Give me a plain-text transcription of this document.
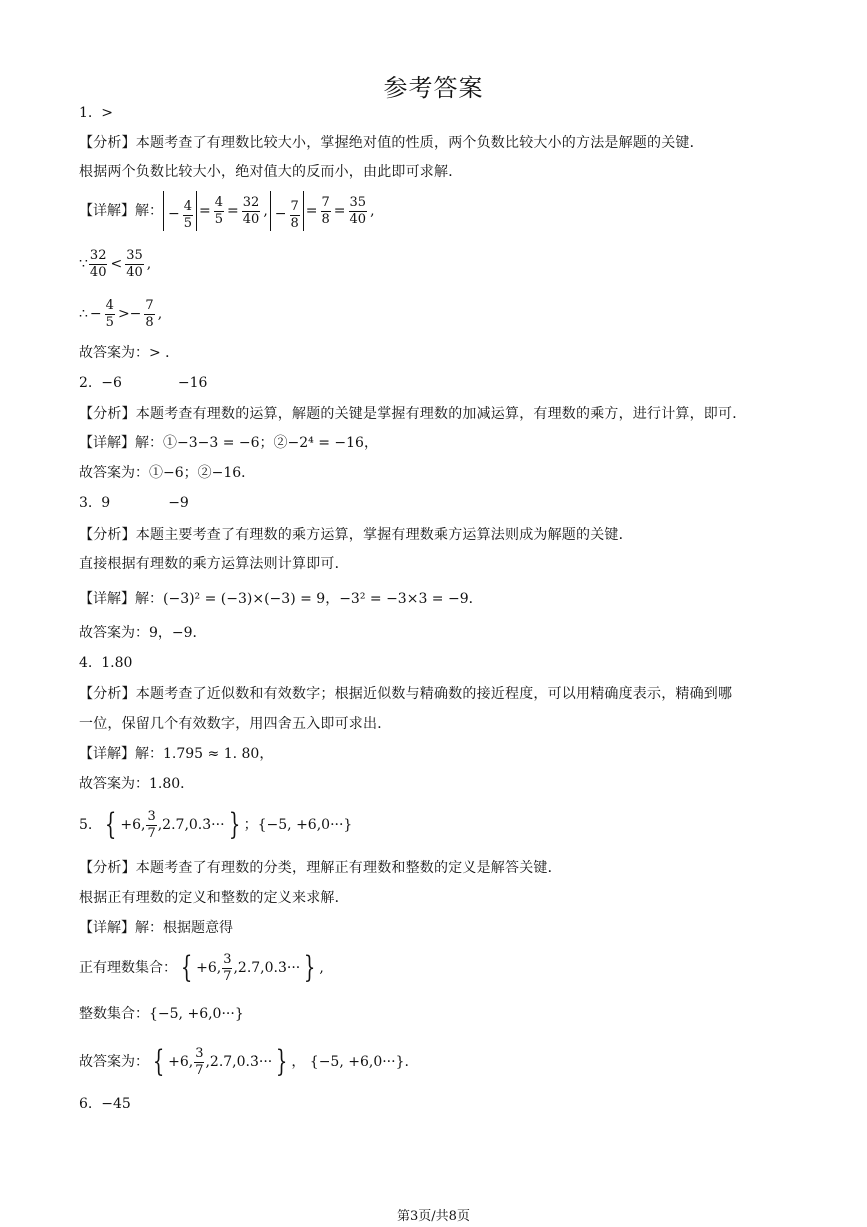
参考答案
1. >
【分析】本题考查了有理数比较大小，掌握绝对值的性质，两个负数比较大小的方法是解题的关键．
根据两个负数比较大小，绝对值大的反而小，由此即可求解．
【详解】解： − $\frac{4}{5} = \frac{4}{5} = \frac{32}{40}$ , − $\frac{7}{8} = \frac{7}{8} = \frac{35}{40}$ ,
∵ $\frac{32}{40} < \frac{35}{40}$ ,
∴ − $\frac{4}{5} >- \frac{7}{8}$ ,
故答案为：> ．
2. −6	−16
【分析】本题考查有理数的运算，解题的关键是掌握有理数的加减运算，有理数的乘方，进行计算，即可．
【详解】解：①−3−3 = −6；②−2⁴ = −16，
故答案为：①−6；②−16．
3. 9	−9
【分析】本题主要考查了有理数的乘方运算，掌握有理数乘方运算法则成为解题的关键．
直接根据有理数的乘方运算法则计算即可．
【详解】解：(−3)² = (−3)×(−3) = 9，−3² = −3×3 = −9．
故答案为：9，−9．
4. 1.80
【分析】本题考查了近似数和有效数字；根据近似数与精确数的接近程度，可以用精确度表示，精确到哪
一位，保留几个有效数字，用四舍五入即可求出．
【详解】解：1.795 ≈ 1. 80，
故答案为：1.80．
5. { +6, $\frac{3}{7}$ ,2.7,0.3̇··· } ；{−5, +6,0···}
【分析】本题考查了有理数的分类，理解正有理数和整数的定义是解答关键．
根据正有理数的定义和整数的定义来求解．
【详解】解：根据题意得
正有理数集合： { +6, $\frac{3}{7}$ ,2.7,0.3̇··· } ,
整数集合：{−5, +6,0···}
故答案为： { +6, $\frac{3}{7}$ ,2.7,0.3̇··· } ， {−5, +6,0···}.
6. −45
第3页/共8页
